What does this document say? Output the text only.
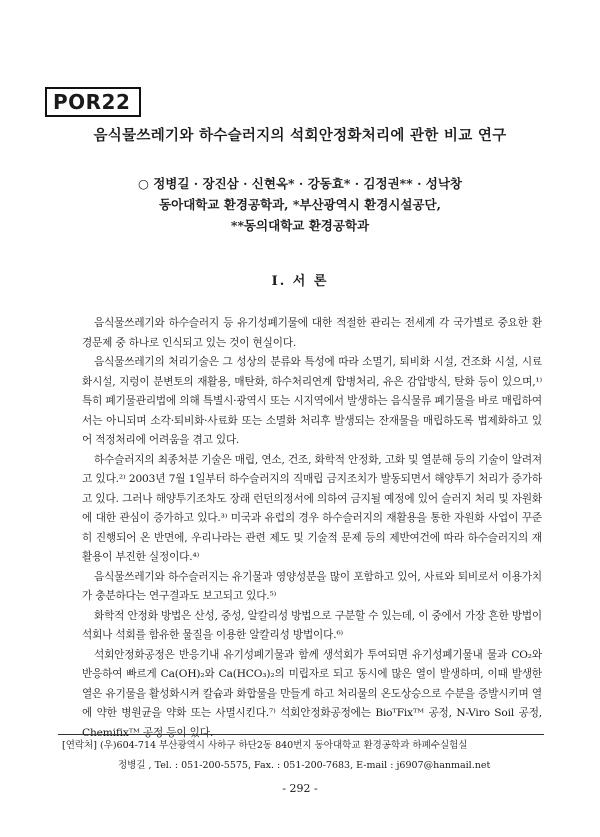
POR22
음식물쓰레기와 하수슬러지의 석회안정화처리에 관한 비교 연구
○ 정병길 · 장진삼 · 신현옥* · 강동효* · 김정권** · 성낙창
동아대학교 환경공학과, *부산광역시 환경시설공단,
**동의대학교 환경공학과
I. 서 론

음식물쓰레기와 하수슬러지 등 유기성폐기물에 대한 적절한 관리는 전세계 각 국가별로 중요한 환경문제 중 하나로 인식되고 있는 것이 현실이다.

음식물쓰레기의 처리기술은 그 성상의 분류와 특성에 따라 소멸기, 퇴비화 시설, 건조화 시설, 시료화시설, 지렁이 분변토의 재활용, 매탄화, 하수처리연계 합병처리, 유은 감압방식, 탄화 등이 있으며,¹⁾ 특히 폐기물관리법에 의해 특별시·광역시 또는 시지역에서 발생하는 음식물류 폐기물을 바로 매립하여서는 아니되며 소각·퇴비화·사료화 또는 소멸화 처리후 발생되는 잔재물을 매립하도록 법제화하고 있어 적정처리에 어려움을 겪고 있다.

하수슬러지의 최종처분 기술은 매립, 연소, 건조, 화학적 안정화, 고화 및 열분해 등의 기술이 알려져고 있다.²⁾ 2003년 7월 1일부터 하수슬러지의 직매립 금지조치가 발동되면서 해양투기 처리가 증가하고 있다. 그러나 해양투기조차도 장래 런던의정서에 의하여 금지될 예정에 있어 슬러지 처리 및 자원화에 대한 관심이 증가하고 있다.³⁾ 미국과 유럽의 경우 하수슬러지의 재활용을 통한 자원화 사업이 꾸준히 진행되어 온 반면에, 우리나라는 관련 제도 및 기술적 문제 등의 제반여건에 따라 하수슬러지의 재활용이 부진한 실정이다.⁴⁾

음식물쓰레기와 하수슬러지는 유기물과 영양성분을 많이 포함하고 있어, 사료와 퇴비로서 이용가치가 충분하다는 연구결과도 보고되고 있다.⁵⁾

화학적 안정화 방법은 산성, 중성, 알칼리성 방법으로 구분할 수 있는데, 이 중에서 가장 흔한 방법이 석회나 석회를 함유한 물질을 이용한 알칼리성 방법이다.⁶⁾

석회안정화공정은 반응기내 유기성폐기물과 함께 생석회가 투여되면 유기성폐기물내 물과 CO₂와 반응하여 빠르게 Ca(OH)₂와 Ca(HCO₃)₂의 미립자로 되고 동시에 많은 열이 발생하며, 이때 발생한 열은 유기물을 활성화시켜 칼슘과 화합물을 만들게 하고 처리물의 온도상승으로 수분을 증발시키며 열에 약한 병원균을 약화 또는 사멸시킨다.⁷⁾ 석회안정화공정에는 BioᵀFixᵀᴹ 공정, N-Viro Soil 공정, Chemifixᵀᴹ 공정 등이 있다.

[연락처] (우)604-714 부산광역시 사하구 하단2동 840번지 동아대학교 환경공학과 하폐수실험실
정병길 , Tel. : 051-200-5575, Fax. : 051-200-7683, E-mail : j6907@hanmail.net
- 292 -
